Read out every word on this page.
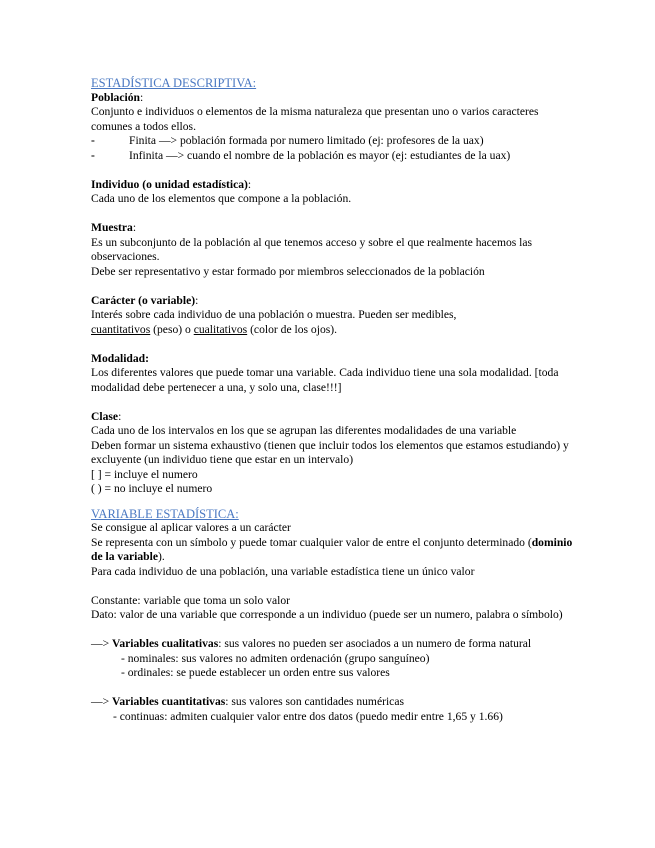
ESTADÍSTICA DESCRIPTIVA:
Población:
Conjunto e individuos o elementos de la misma naturaleza que presentan uno o varios caracteres comunes a todos ellos.
-	Finita —> población formada por numero limitado (ej: profesores de la uax)
-	Infinita —> cuando el nombre de la población es mayor (ej: estudiantes de la uax)
Individuo (o unidad estadística):
Cada uno de los elementos que compone a la población.
Muestra:
Es un subconjunto de la población al que tenemos acceso y sobre el que realmente hacemos las observaciones.
Debe ser representativo y estar formado por miembros seleccionados de la población
Carácter (o variable):
Interés sobre cada individuo de una población o muestra. Pueden ser medibles,
cuantitativos (peso) o cualitativos (color de los ojos).
Modalidad:
Los diferentes valores que puede tomar una variable. Cada individuo tiene una sola modalidad. [toda modalidad debe pertenecer a una, y solo una, clase!!!]
Clase:
Cada uno de los intervalos en los que se agrupan las diferentes modalidades de una variable
Deben formar un sistema exhaustivo (tienen que incluir todos los elementos que estamos estudiando) y excluyente (un individuo tiene que estar en un intervalo)
[ ] = incluye el numero
( ) = no incluye el numero
VARIABLE ESTADÍSTICA:
Se consigue al aplicar valores a un carácter
Se representa con un símbolo y puede tomar cualquier valor de entre el conjunto determinado (dominio de la variable).
Para cada individuo de una población, una variable estadística tiene un único valor
Constante: variable que toma un solo valor
Dato: valor de una variable que corresponde a un individuo (puede ser un numero, palabra o símbolo)
—> Variables cualitativas: sus valores no pueden ser asociados a un numero de forma natural
- nominales: sus valores no admiten ordenación (grupo sanguíneo)
- ordinales: se puede establecer un orden entre sus valores
—> Variables cuantitativas: sus valores son cantidades numéricas
- continuas: admiten cualquier valor entre dos datos (puedo medir entre 1,65 y 1.66)
